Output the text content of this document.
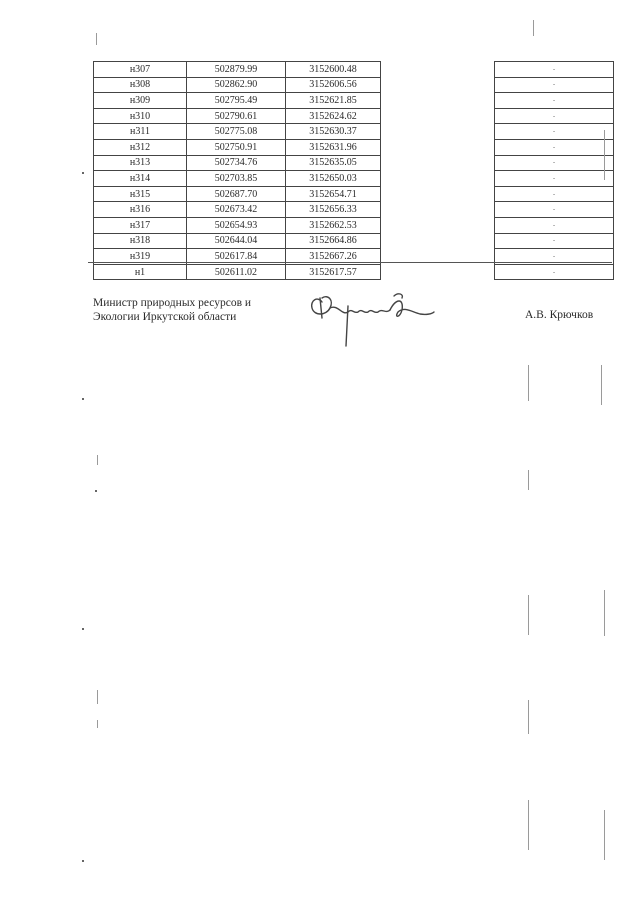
н307	502879.99	3152600.48		-
н308	502862.90	3152606.56		-
н309	502795.49	3152621.85		-
н310	502790.61	3152624.62		-
н311	502775.08	3152630.37		-
н312	502750.91	3152631.96		-
н313	502734.76	3152635.05		-
н314	502703.85	3152650.03		-
н315	502687.70	3152654.71		-
н316	502673.42	3152656.33		-
н317	502654.93	3152662.53		-
н318	502644.04	3152664.86		-
н319	502617.84	3152667.26		-
н1	502611.02	3152617.57		-
Министр природных ресурсов и
Экологии Иркутской области	А.В. Крючков
